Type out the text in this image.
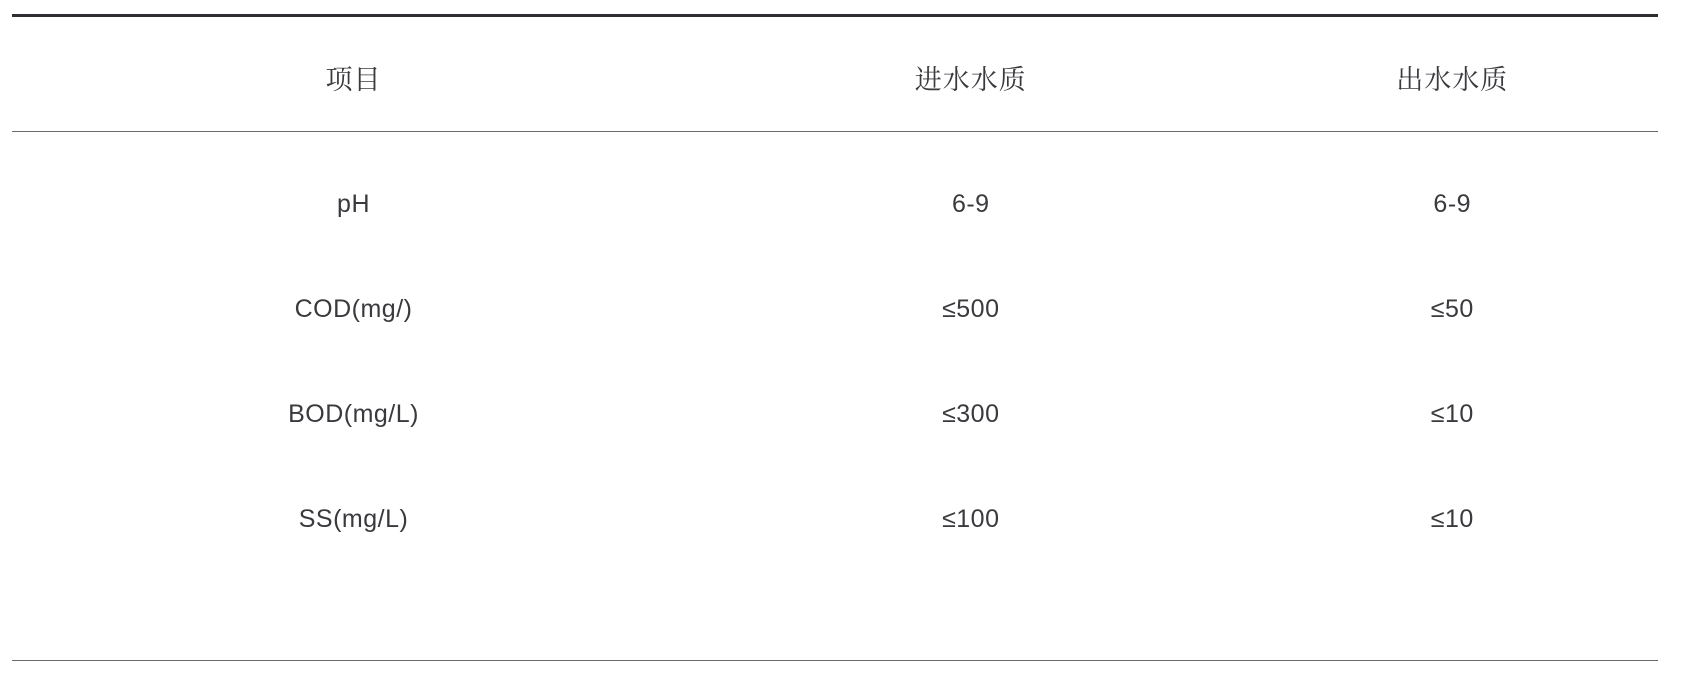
项目	进水水质	出水水质
pH	6-9	6-9
COD(mg/)	≤500	≤50
BOD(mg/L)	≤300	≤10
SS(mg/L)	≤100	≤10
